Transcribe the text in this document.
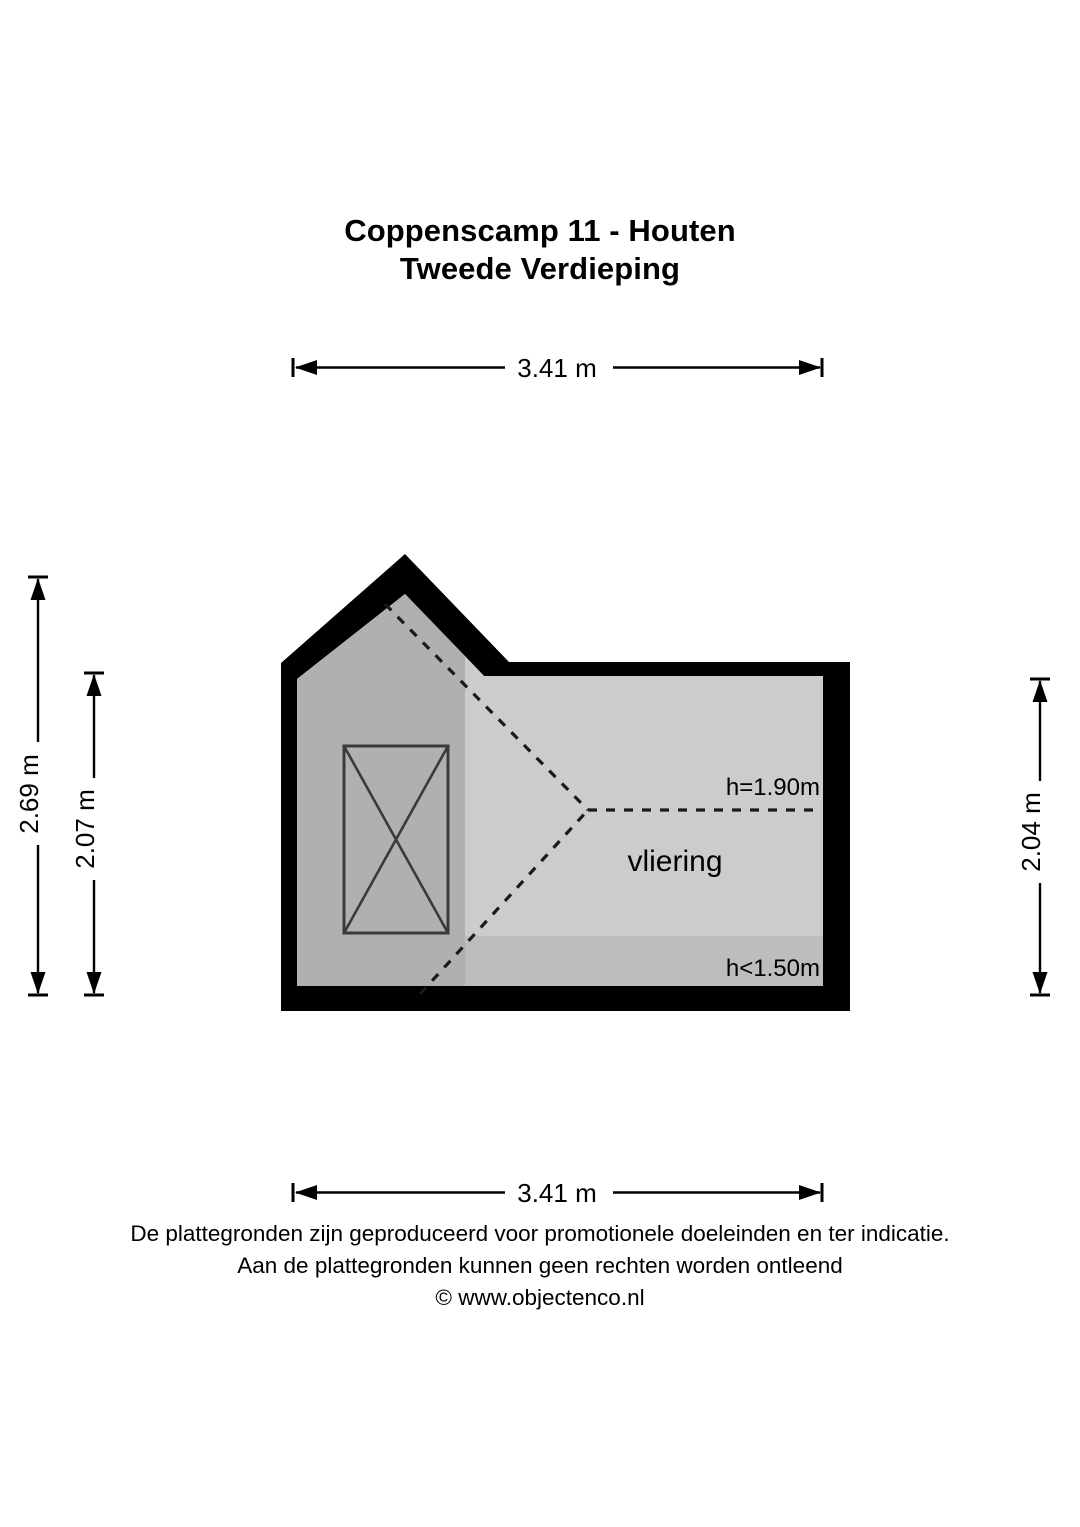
Coppenscamp 11 - Houten
Tweede Verdieping
3.41 m
2.69 m 2.07 m	2.04 m
h=1.90m
vliering
h<1.50m
3.41 m
De plattegronden zijn geproduceerd voor promotionele doeleinden en ter indicatie.
Aan de plattegronden kunnen geen rechten worden ontleend
© www.objectenco.nl
